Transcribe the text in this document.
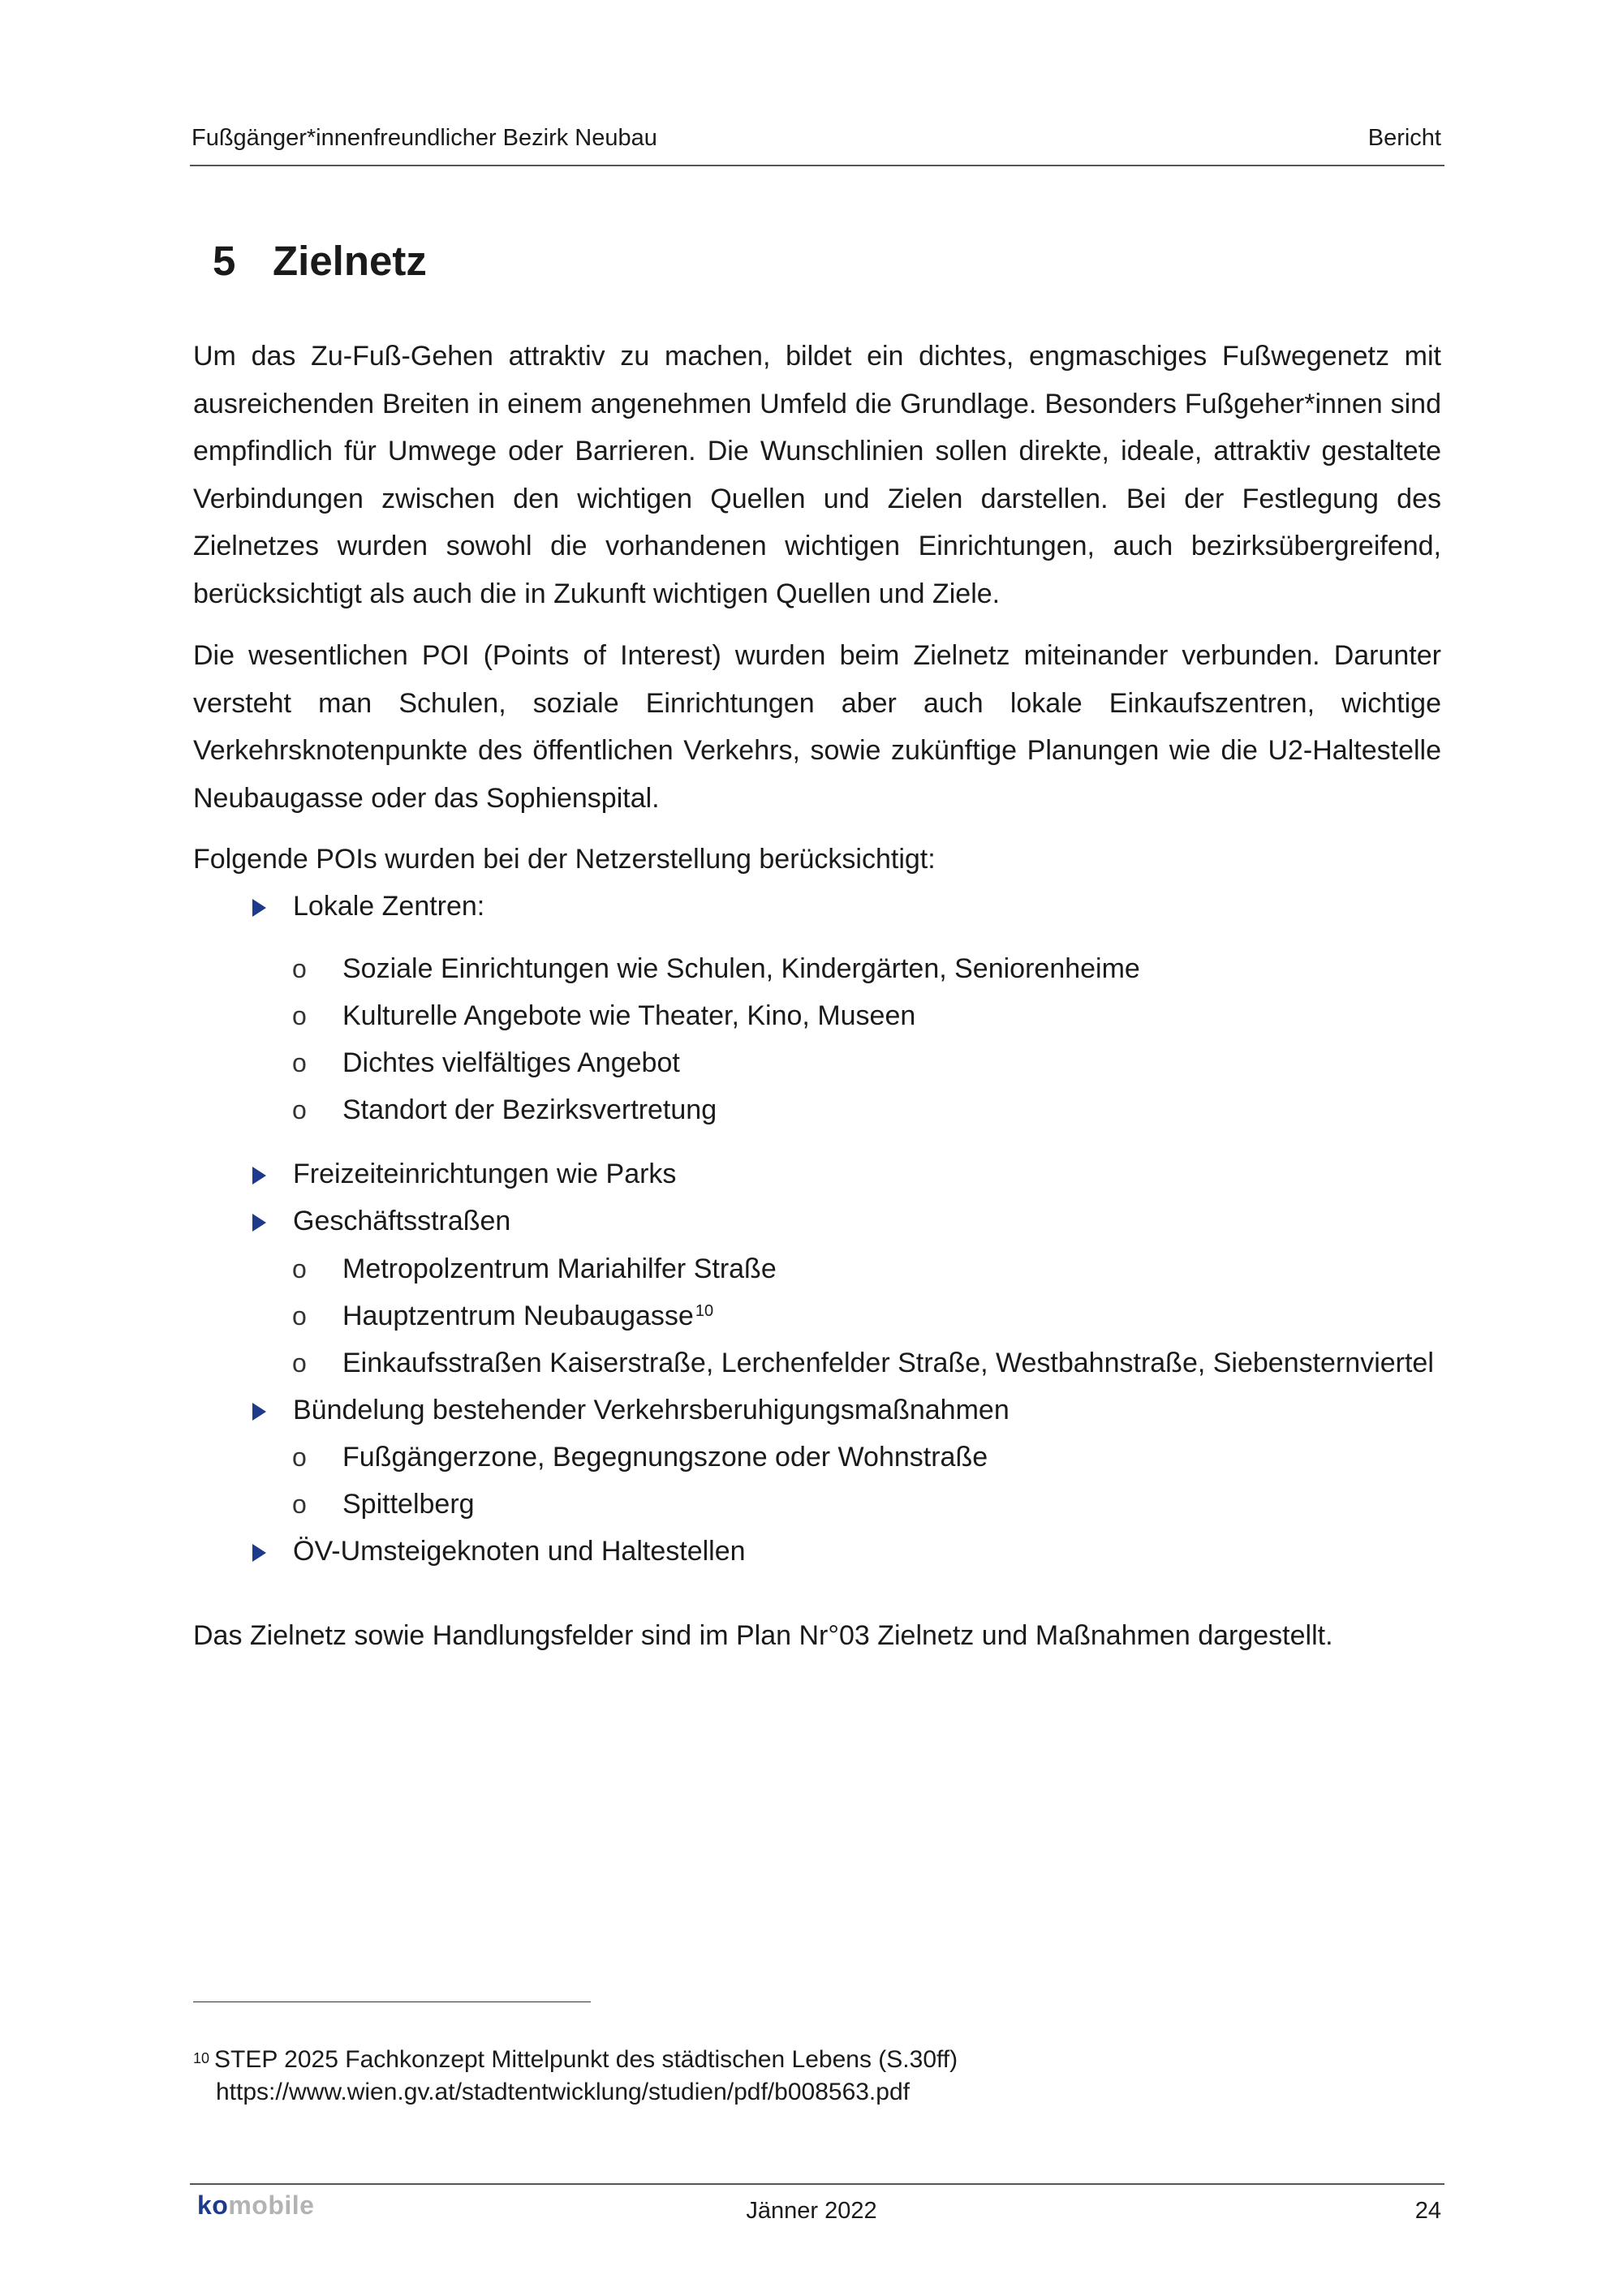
Fußgänger*innenfreundlicher Bezirk Neubau	Bericht
5 Zielnetz
Um das Zu-Fuß-Gehen attraktiv zu machen, bildet ein dichtes, engmaschiges Fußwegenetz mit ausreichenden Breiten in einem angenehmen Umfeld die Grundlage. Besonders Fußgeher*innen sind empfindlich für Umwege oder Barrieren. Die Wunschlinien sollen direkte, ideale, attraktiv gestaltete Verbindungen zwischen den wichtigen Quellen und Zielen darstellen. Bei der Festlegung des Zielnetzes wurden sowohl die vorhandenen wichtigen Einrichtungen, auch bezirksübergreifend, berücksichtigt als auch die in Zukunft wichtigen Quellen und Ziele.
Die wesentlichen POI (Points of Interest) wurden beim Zielnetz miteinander verbunden. Darunter versteht man Schulen, soziale Einrichtungen aber auch lokale Einkaufszentren, wichtige Verkehrsknotenpunkte des öffentlichen Verkehrs, sowie zukünftige Planungen wie die U2-Haltestelle Neubaugasse oder das Sophienspital.
Folgende POIs wurden bei der Netzerstellung berücksichtigt:
Lokale Zentren:
o Soziale Einrichtungen wie Schulen, Kindergärten, Seniorenheime
o Kulturelle Angebote wie Theater, Kino, Museen
o Dichtes vielfältiges Angebot
o Standort der Bezirksvertretung
Freizeiteinrichtungen wie Parks
Geschäftsstraßen
o Metropolzentrum Mariahilfer Straße
o Hauptzentrum Neubaugasse $^{10}$
o Einkaufsstraßen Kaiserstraße, Lerchenfelder Straße, Westbahnstraße, Siebensternviertel
Bündelung bestehender Verkehrsberuhigungsmaßnahmen
o Fußgängerzone, Begegnungszone oder Wohnstraße
o Spittelberg
ÖV-Umsteigeknoten und Haltestellen
Das Zielnetz sowie Handlungsfelder sind im Plan Nr°03 Zielnetz und Maßnahmen dargestellt.
$^{10}$ STEP 2025 Fachkonzept Mittelpunkt des städtischen Lebens (S.30ff)
https://www.wien.gv.at/stadtentwicklung/studien/pdf/b008563.pdf
komobile	Jänner 2022	24
